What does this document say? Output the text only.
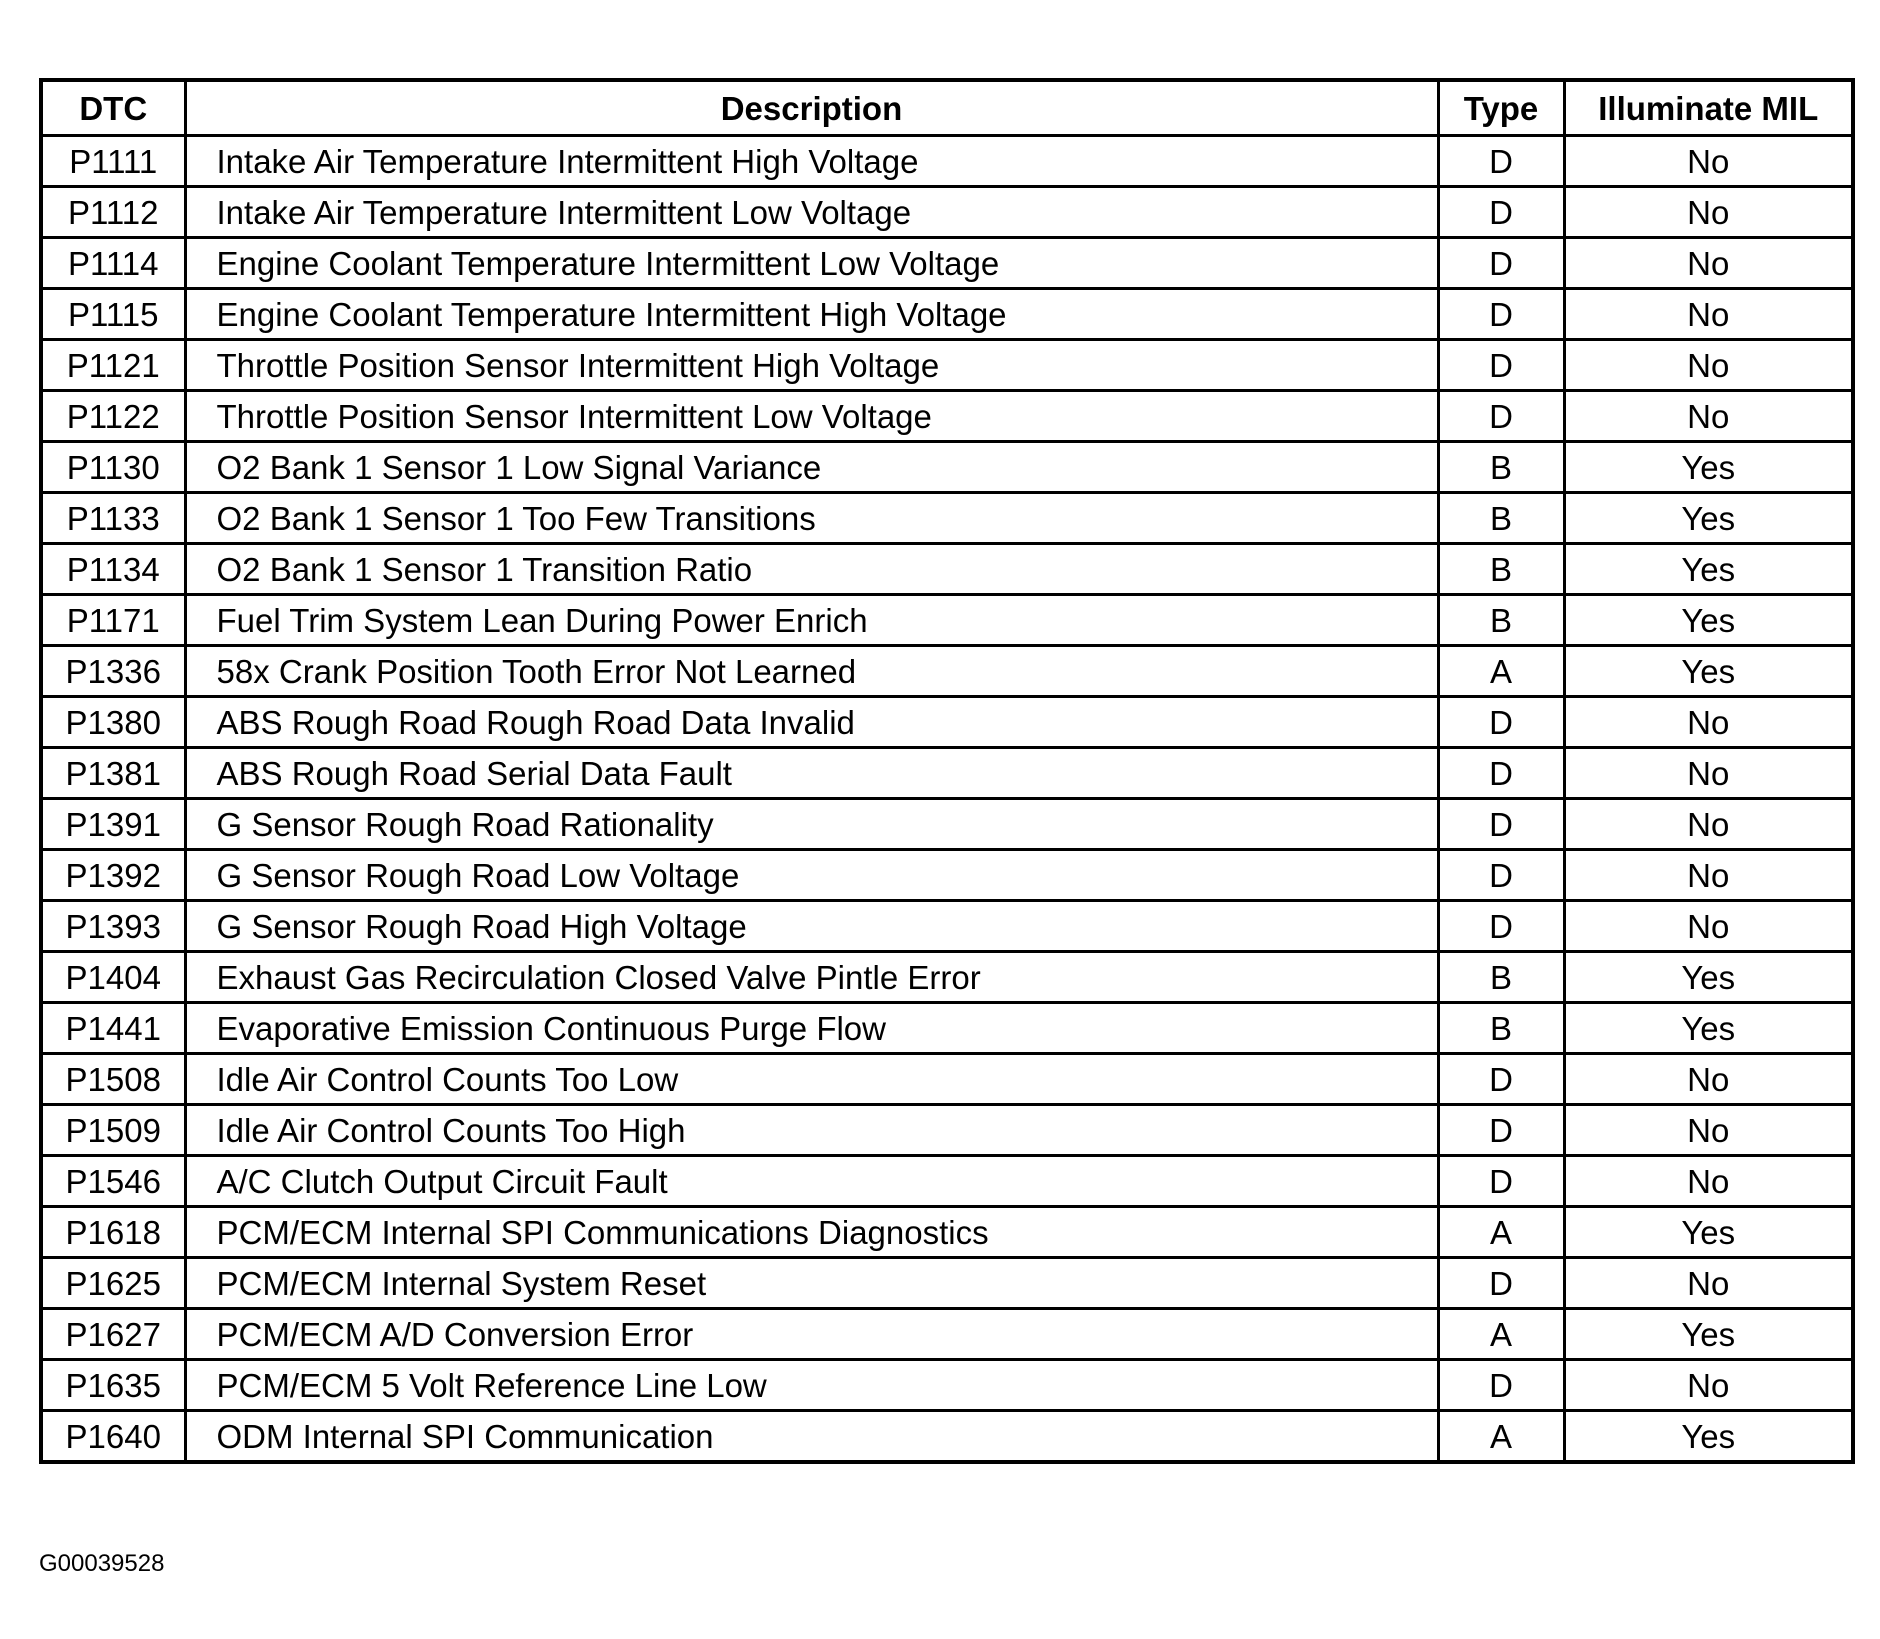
DTC	Description	Type	Illuminate MIL
P1111	Intake Air Temperature Intermittent High Voltage	D	No
P1112	Intake Air Temperature Intermittent Low Voltage	D	No
P1114	Engine Coolant Temperature Intermittent Low Voltage	D	No
P1115	Engine Coolant Temperature Intermittent High Voltage	D	No
P1121	Throttle Position Sensor Intermittent High Voltage	D	No
P1122	Throttle Position Sensor Intermittent Low Voltage	D	No
P1130	O2 Bank 1 Sensor 1 Low Signal Variance	B	Yes
P1133	O2 Bank 1 Sensor 1 Too Few Transitions	B	Yes
P1134	O2 Bank 1 Sensor 1 Transition Ratio	B	Yes
P1171	Fuel Trim System Lean During Power Enrich	B	Yes
P1336	58x Crank Position Tooth Error Not Learned	A	Yes
P1380	ABS Rough Road Rough Road Data Invalid	D	No
P1381	ABS Rough Road Serial Data Fault	D	No
P1391	G Sensor Rough Road Rationality	D	No
P1392	G Sensor Rough Road Low Voltage	D	No
P1393	G Sensor Rough Road High Voltage	D	No
P1404	Exhaust Gas Recirculation Closed Valve Pintle Error	B	Yes
P1441	Evaporative Emission Continuous Purge Flow	B	Yes
P1508	Idle Air Control Counts Too Low	D	No
P1509	Idle Air Control Counts Too High	D	No
P1546	A/C Clutch Output Circuit Fault	D	No
P1618	PCM/ECM Internal SPI Communications Diagnostics	A	Yes
P1625	PCM/ECM Internal System Reset	D	No
P1627	PCM/ECM A/D Conversion Error	A	Yes
P1635	PCM/ECM 5 Volt Reference Line Low	D	No
P1640	ODM Internal SPI Communication	A	Yes
G00039528
